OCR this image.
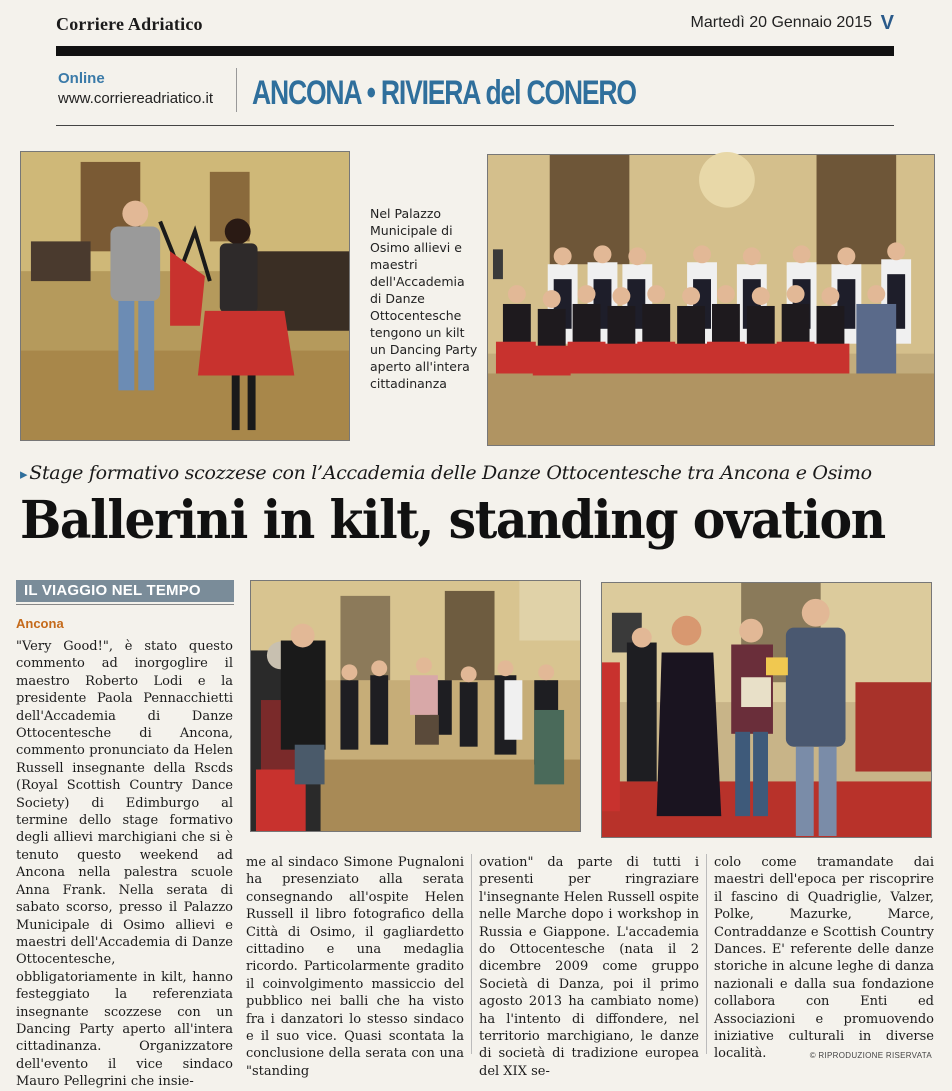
Corriere Adriatico	Martedì 20 Gennaio 2015 V
Online
www.corriereadriatico.it ANCONA • RIVIERA del CONERO
Nel Palazzo Municipale di Osimo allievi e maestri dell'Accademia di Danze Ottocentesche tengono un kilt un Dancing Party aperto all'intera cittadinanza
▸ Stage formativo scozzese con l’Accademia delle Danze Ottocentesche tra Ancona e Osimo
Ballerini in kilt, standing ovation
IL VIAGGIO NEL TEMPO
Ancona
"Very Good!", è stato questo commento ad inorgoglire il maestro Roberto Lodi e la presidente Paola Pennacchietti dell'Accademia di Danze Ottocentesche di Ancona, commento pronunciato da Helen Russell insegnante della Rscds (Royal Scottish Country Dance Society) di Edimburgo al termine dello stage formativo degli allievi marchigiani che si è tenuto questo weekend ad Ancona nella palestra scuole Anna Frank. Nella serata di sabato scorso, presso il Palazzo Municipale di Osimo allievi e maestri dell'Accademia di Danze Ottocentesche, obbligatoriamente in kilt, hanno festeggiato la referenziata insegnante scozzese con un Dancing Party aperto all'intera cittadinanza. Organizzatore dell'evento il vice sindaco Mauro Pellegrini che insie-
me al sindaco Simone Pugnaloni ha presenziato alla serata consegnando all'ospite Helen Russell il libro fotografico della Città di Osimo, il gagliardetto cittadino e una medaglia ricordo. Particolarmente gradito il coinvolgimento massiccio del pubblico nei balli che ha visto fra i danzatori lo stesso sindaco e il suo vice. Quasi scontata la conclusione della serata con una "standing
ovation" da parte di tutti i presenti per ringraziare l'insegnante Helen Russell ospite nelle Marche dopo i workshop in Russia e Giappone. L'accademia do Ottocentesche (nata il 2 dicembre 2009 come gruppo Società di Danza, poi il primo agosto 2013 ha cambiato nome) ha l'intento di diffondere, nel territorio marchigiano, le danze di società di tradizione europea del XIX se-
colo come tramandate dai maestri dell'epoca per riscoprire il fascino di Quadriglie, Valzer, Polke, Mazurke, Marce, Contraddanze e Scottish Country Dances. E' referente delle danze storiche in alcune leghe di danza nazionali e dalla sua fondazione collabora con Enti ed Associazioni e promuovendo iniziative culturali in diverse località.	© RIPRODUZIONE RISERVATA
